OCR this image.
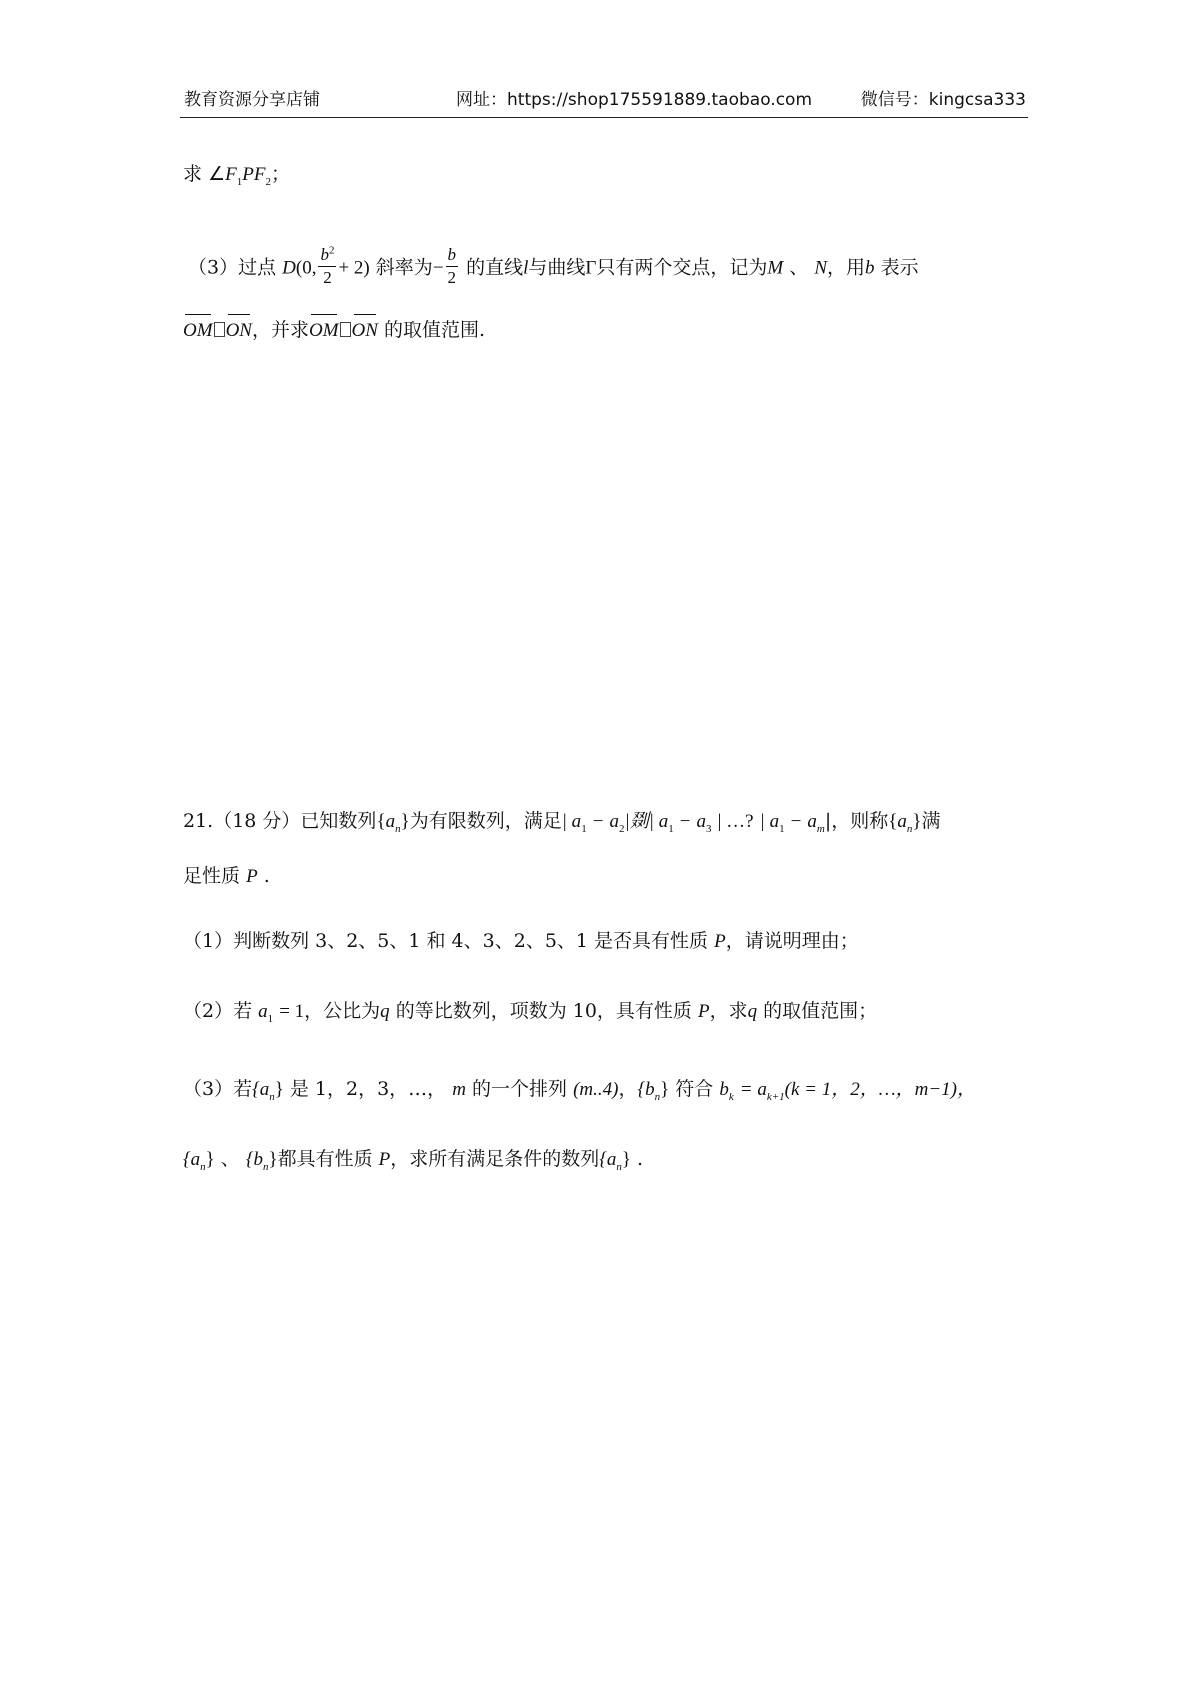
教育资源分享店铺	网址：https://shop175591889.taobao.com	微信号：kingcsa333
求 $\angle F_1PF_2$；
（3）过点 D(0, $\frac{b^2}{2} + 2$) 斜率为− $\frac{b}{2}$ 的直线l与曲线Γ只有两个交点，记为M 、 N，用b 表示
OM ON，并求OM ON 的取值范围.
21.（18 分）已知数列$\{a_n\}$为有限数列，满足| $a_1 - a_2|$剟| $a_1 - a_3$ | …? | $a_1 - a_m|$，则称$\{a_n\}$满
足性质 P .
（1）判断数列 3、2、5、1 和 4、3、2、5、1 是否具有性质 P，请说明理由；
（2）若 $a_1 = 1$，公比为q 的等比数列，项数为 10，具有性质 P，求q 的取值范围；
（3）若$\{a_n\}$ 是 1，2，3，…， m 的一个排列 (m..4)，$\{b_n\}$ 符合 $b_k = a_{k+1}(k = 1$，2，…，m−1)，
$\{a_n\}$ 、 $\{b_n\}$都具有性质 P，求所有满足条件的数列$\{a_n\}$ .
